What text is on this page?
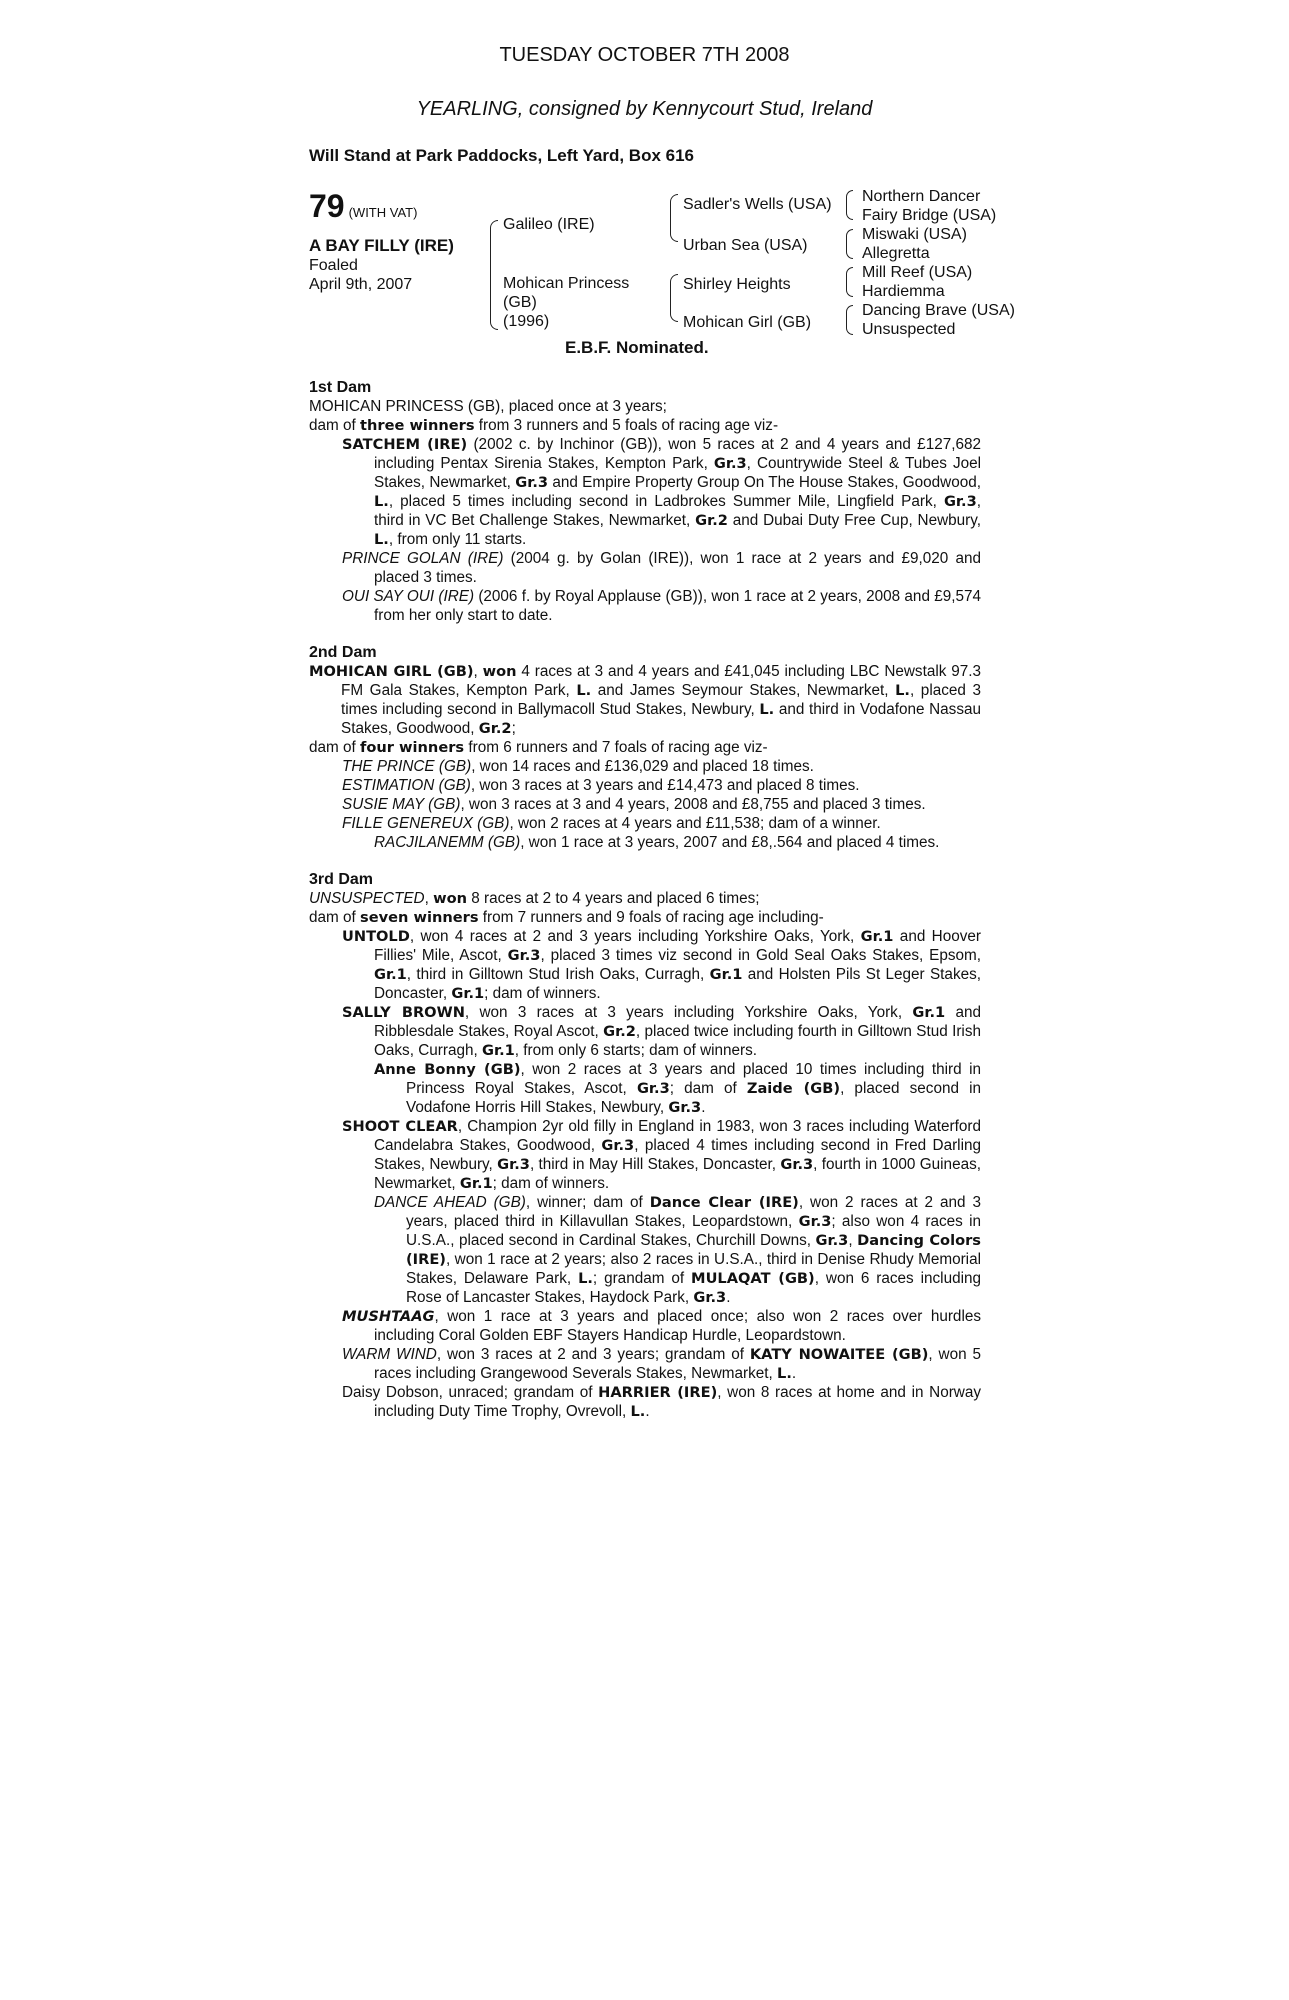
TUESDAY OCTOBER 7TH 2008
YEARLING, consigned by Kennycourt Stud, Ireland
Will Stand at Park Paddocks, Left Yard, Box 616
79 (WITH VAT)
A BAY FILLY (IRE)
Foaled
April 9th, 2007
Galileo (IRE)
Mohican Princess
(GB)
(1996)
Sadler's Wells (USA)
Urban Sea (USA)
Shirley Heights
Mohican Girl (GB)
Northern Dancer
Fairy Bridge (USA)
Miswaki (USA)
Allegretta
Mill Reef (USA)
Hardiemma
Dancing Brave (USA)
Unsuspected
E.B.F. Nominated.
1st Dam

MOHICAN PRINCESS (GB), placed once at 3 years;

dam of three winners from 3 runners and 5 foals of racing age viz-

SATCHEM (IRE) (2002 c. by Inchinor (GB)), won 5 races at 2 and 4 years and £127,682 including Pentax Sirenia Stakes, Kempton Park, Gr.3, Countrywide Steel & Tubes Joel Stakes, Newmarket, Gr.3 and Empire Property Group On The House Stakes, Goodwood, L., placed 5 times including second in Ladbrokes Summer Mile, Lingfield Park, Gr.3, third in VC Bet Challenge Stakes, Newmarket, Gr.2 and Dubai Duty Free Cup, Newbury, L., from only 11 starts.

PRINCE GOLAN (IRE) (2004 g. by Golan (IRE)), won 1 race at 2 years and £9,020 and placed 3 times.

OUI SAY OUI (IRE) (2006 f. by Royal Applause (GB)), won 1 race at 2 years, 2008 and £9,574 from her only start to date.

2nd Dam

MOHICAN GIRL (GB), won 4 races at 3 and 4 years and £41,045 including LBC Newstalk 97.3 FM Gala Stakes, Kempton Park, L. and James Seymour Stakes, Newmarket, L., placed 3 times including second in Ballymacoll Stud Stakes, Newbury, L. and third in Vodafone Nassau Stakes, Goodwood, Gr.2;

dam of four winners from 6 runners and 7 foals of racing age viz-

THE PRINCE (GB), won 14 races and £136,029 and placed 18 times.

ESTIMATION (GB), won 3 races at 3 years and £14,473 and placed 8 times.

SUSIE MAY (GB), won 3 races at 3 and 4 years, 2008 and £8,755 and placed 3 times.

FILLE GENEREUX (GB), won 2 races at 4 years and £11,538; dam of a winner.

RACJILANEMM (GB), won 1 race at 3 years, 2007 and £8,.564 and placed 4 times.

3rd Dam

UNSUSPECTED, won 8 races at 2 to 4 years and placed 6 times;

dam of seven winners from 7 runners and 9 foals of racing age including-

UNTOLD, won 4 races at 2 and 3 years including Yorkshire Oaks, York, Gr.1 and Hoover Fillies' Mile, Ascot, Gr.3, placed 3 times viz second in Gold Seal Oaks Stakes, Epsom, Gr.1, third in Gilltown Stud Irish Oaks, Curragh, Gr.1 and Holsten Pils St Leger Stakes, Doncaster, Gr.1; dam of winners.

SALLY BROWN, won 3 races at 3 years including Yorkshire Oaks, York, Gr.1 and Ribblesdale Stakes, Royal Ascot, Gr.2, placed twice including fourth in Gilltown Stud Irish Oaks, Curragh, Gr.1, from only 6 starts; dam of winners.

Anne Bonny (GB), won 2 races at 3 years and placed 10 times including third in Princess Royal Stakes, Ascot, Gr.3; dam of Zaide (GB), placed second in Vodafone Horris Hill Stakes, Newbury, Gr.3.

SHOOT CLEAR, Champion 2yr old filly in England in 1983, won 3 races including Waterford Candelabra Stakes, Goodwood, Gr.3, placed 4 times including second in Fred Darling Stakes, Newbury, Gr.3, third in May Hill Stakes, Doncaster, Gr.3, fourth in 1000 Guineas, Newmarket, Gr.1; dam of winners.

DANCE AHEAD (GB), winner; dam of Dance Clear (IRE), won 2 races at 2 and 3 years, placed third in Killavullan Stakes, Leopardstown, Gr.3; also won 4 races in U.S.A., placed second in Cardinal Stakes, Churchill Downs, Gr.3, Dancing Colors (IRE), won 1 race at 2 years; also 2 races in U.S.A., third in Denise Rhudy Memorial Stakes, Delaware Park, L.; grandam of MULAQAT (GB), won 6 races including Rose of Lancaster Stakes, Haydock Park, Gr.3.

MUSHTAAG, won 1 race at 3 years and placed once; also won 2 races over hurdles including Coral Golden EBF Stayers Handicap Hurdle, Leopardstown.

WARM WIND, won 3 races at 2 and 3 years; grandam of KATY NOWAITEE (GB), won 5 races including Grangewood Severals Stakes, Newmarket, L..

Daisy Dobson, unraced; grandam of HARRIER (IRE), won 8 races at home and in Norway including Duty Time Trophy, Ovrevoll, L..
